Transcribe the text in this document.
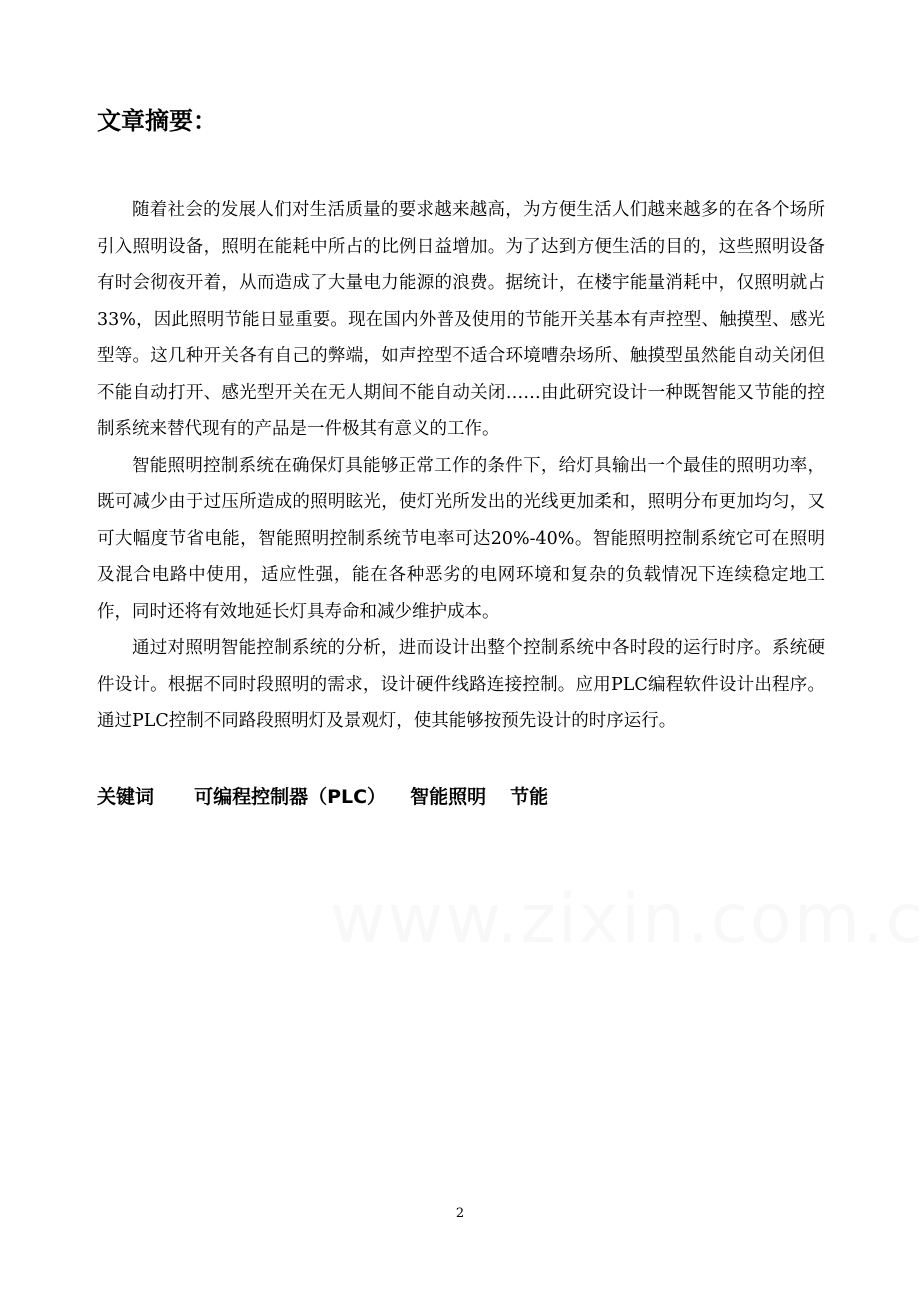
文章摘要：

随着社会的发展人们对生活质量的要求越来越高，为方便生活人们越来越多的在各个场所引入照明设备，照明在能耗中所占的比例日益增加。为了达到方便生活的目的，这些照明设备有时会彻夜开着，从而造成了大量电力能源的浪费。据统计，在楼宇能量消耗中，仅照明就占33%，因此照明节能日显重要。现在国内外普及使用的节能开关基本有声控型、触摸型、感光型等。这几种开关各有自己的弊端，如声控型不适合环境嘈杂场所、触摸型虽然能自动关闭但不能自动打开、感光型开关在无人期间不能自动关闭……由此研究设计一种既智能又节能的控制系统来替代现有的产品是一件极其有意义的工作。

智能照明控制系统在确保灯具能够正常工作的条件下，给灯具输出一个最佳的照明功率，既可减少由于过压所造成的照明眩光，使灯光所发出的光线更加柔和，照明分布更加均匀，又可大幅度节省电能，智能照明控制系统节电率可达20%-40%。智能照明控制系统它可在照明及混合电路中使用，适应性强，能在各种恶劣的电网环境和复杂的负载情况下连续稳定地工作，同时还将有效地延长灯具寿命和减少维护成本。

通过对照明智能控制系统的分析，进而设计出整个控制系统中各时段的运行时序。系统硬件设计。根据不同时段照明的需求，设计硬件线路连接控制。应用PLC编程软件设计出程序。通过PLC控制不同路段照明灯及景观灯，使其能够按预先设计的时序运行。

关键词 可编程控制器（PLC） 智能照明 节能
2
